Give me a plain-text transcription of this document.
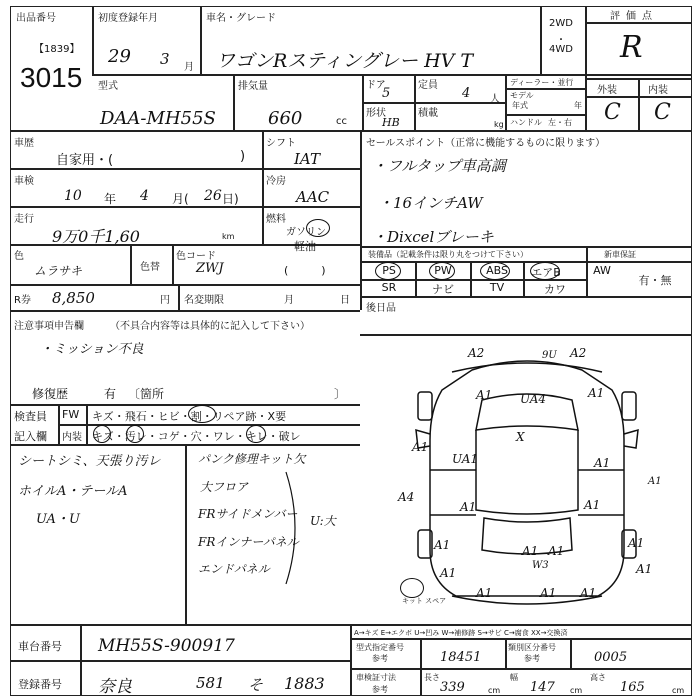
出品番号
【1839】
3015
初度登録年月
29 3 月
車名・グレード
ワゴンRスティングレー HV T
2WD
・
4WD
評価点
R
型式
DAA-MH55S
排気量
660	cc
ドア
5
定員
4 人
形状
HB
積載
kg
ディーラー・並行
モデル
年式	年
ハンドル 左・右
外装	内装
C C
車歴
自家用・(	)
シフト
IAT
車検
10 年 4 月( 26 日)
冷房
AAC
走行
9万0千1,60	km
燃料
ガソリン
軽油
(　　　)
色
ムラサキ	色替
色コード
ZWJ
R券 8,850	円 名変期限	月	日
セールスポイント（正常に機能するものに限ります）
・フルタップ車高調
・16インチAW
・Dixcelブレーキ
装備品（記載条件は限り丸をつけて下さい）	新車保証
PS	PW	ABS	エアB	AW
SR	ナビ	TV	カワ
有・無
後日品
注意事項申告欄	（不具合内容等は具体的に記入して下さい）
・ミッション不良
修復歴	有 〔箇所	〕
検査員
記入欄
FW キズ・飛石・ヒビ・割・リペア跡・X要
内装 キズ・汚レ・コゲ・穴・ワレ・キレ・破レ
シートシミ、天張り汚レ
ホイルA・テールA
UA・U
パンク修理キット欠
大フロア
FRサイドメンバー
FRインナーパネル
エンドパネル
U:大
A2	9U A2
A1 UA4	A1
X
UA1	A1
A1	A1
A4
A1
A1	A1 A1
W3
A1
A1	A1
A1	A1 A1
A1
キット スペア
A→キズ E→エクボ U→凹み W→補修跡 S→サビ C→腐食 XX→交換済
車台番号 MH55S-900917
登録番号 奈良	581 そ 1883
型式指定番号
参考	18451
類別区分番号
参考	0005
車検証寸法
参考
長さ
339	cm
幅
147 cm
高さ
165	cm
